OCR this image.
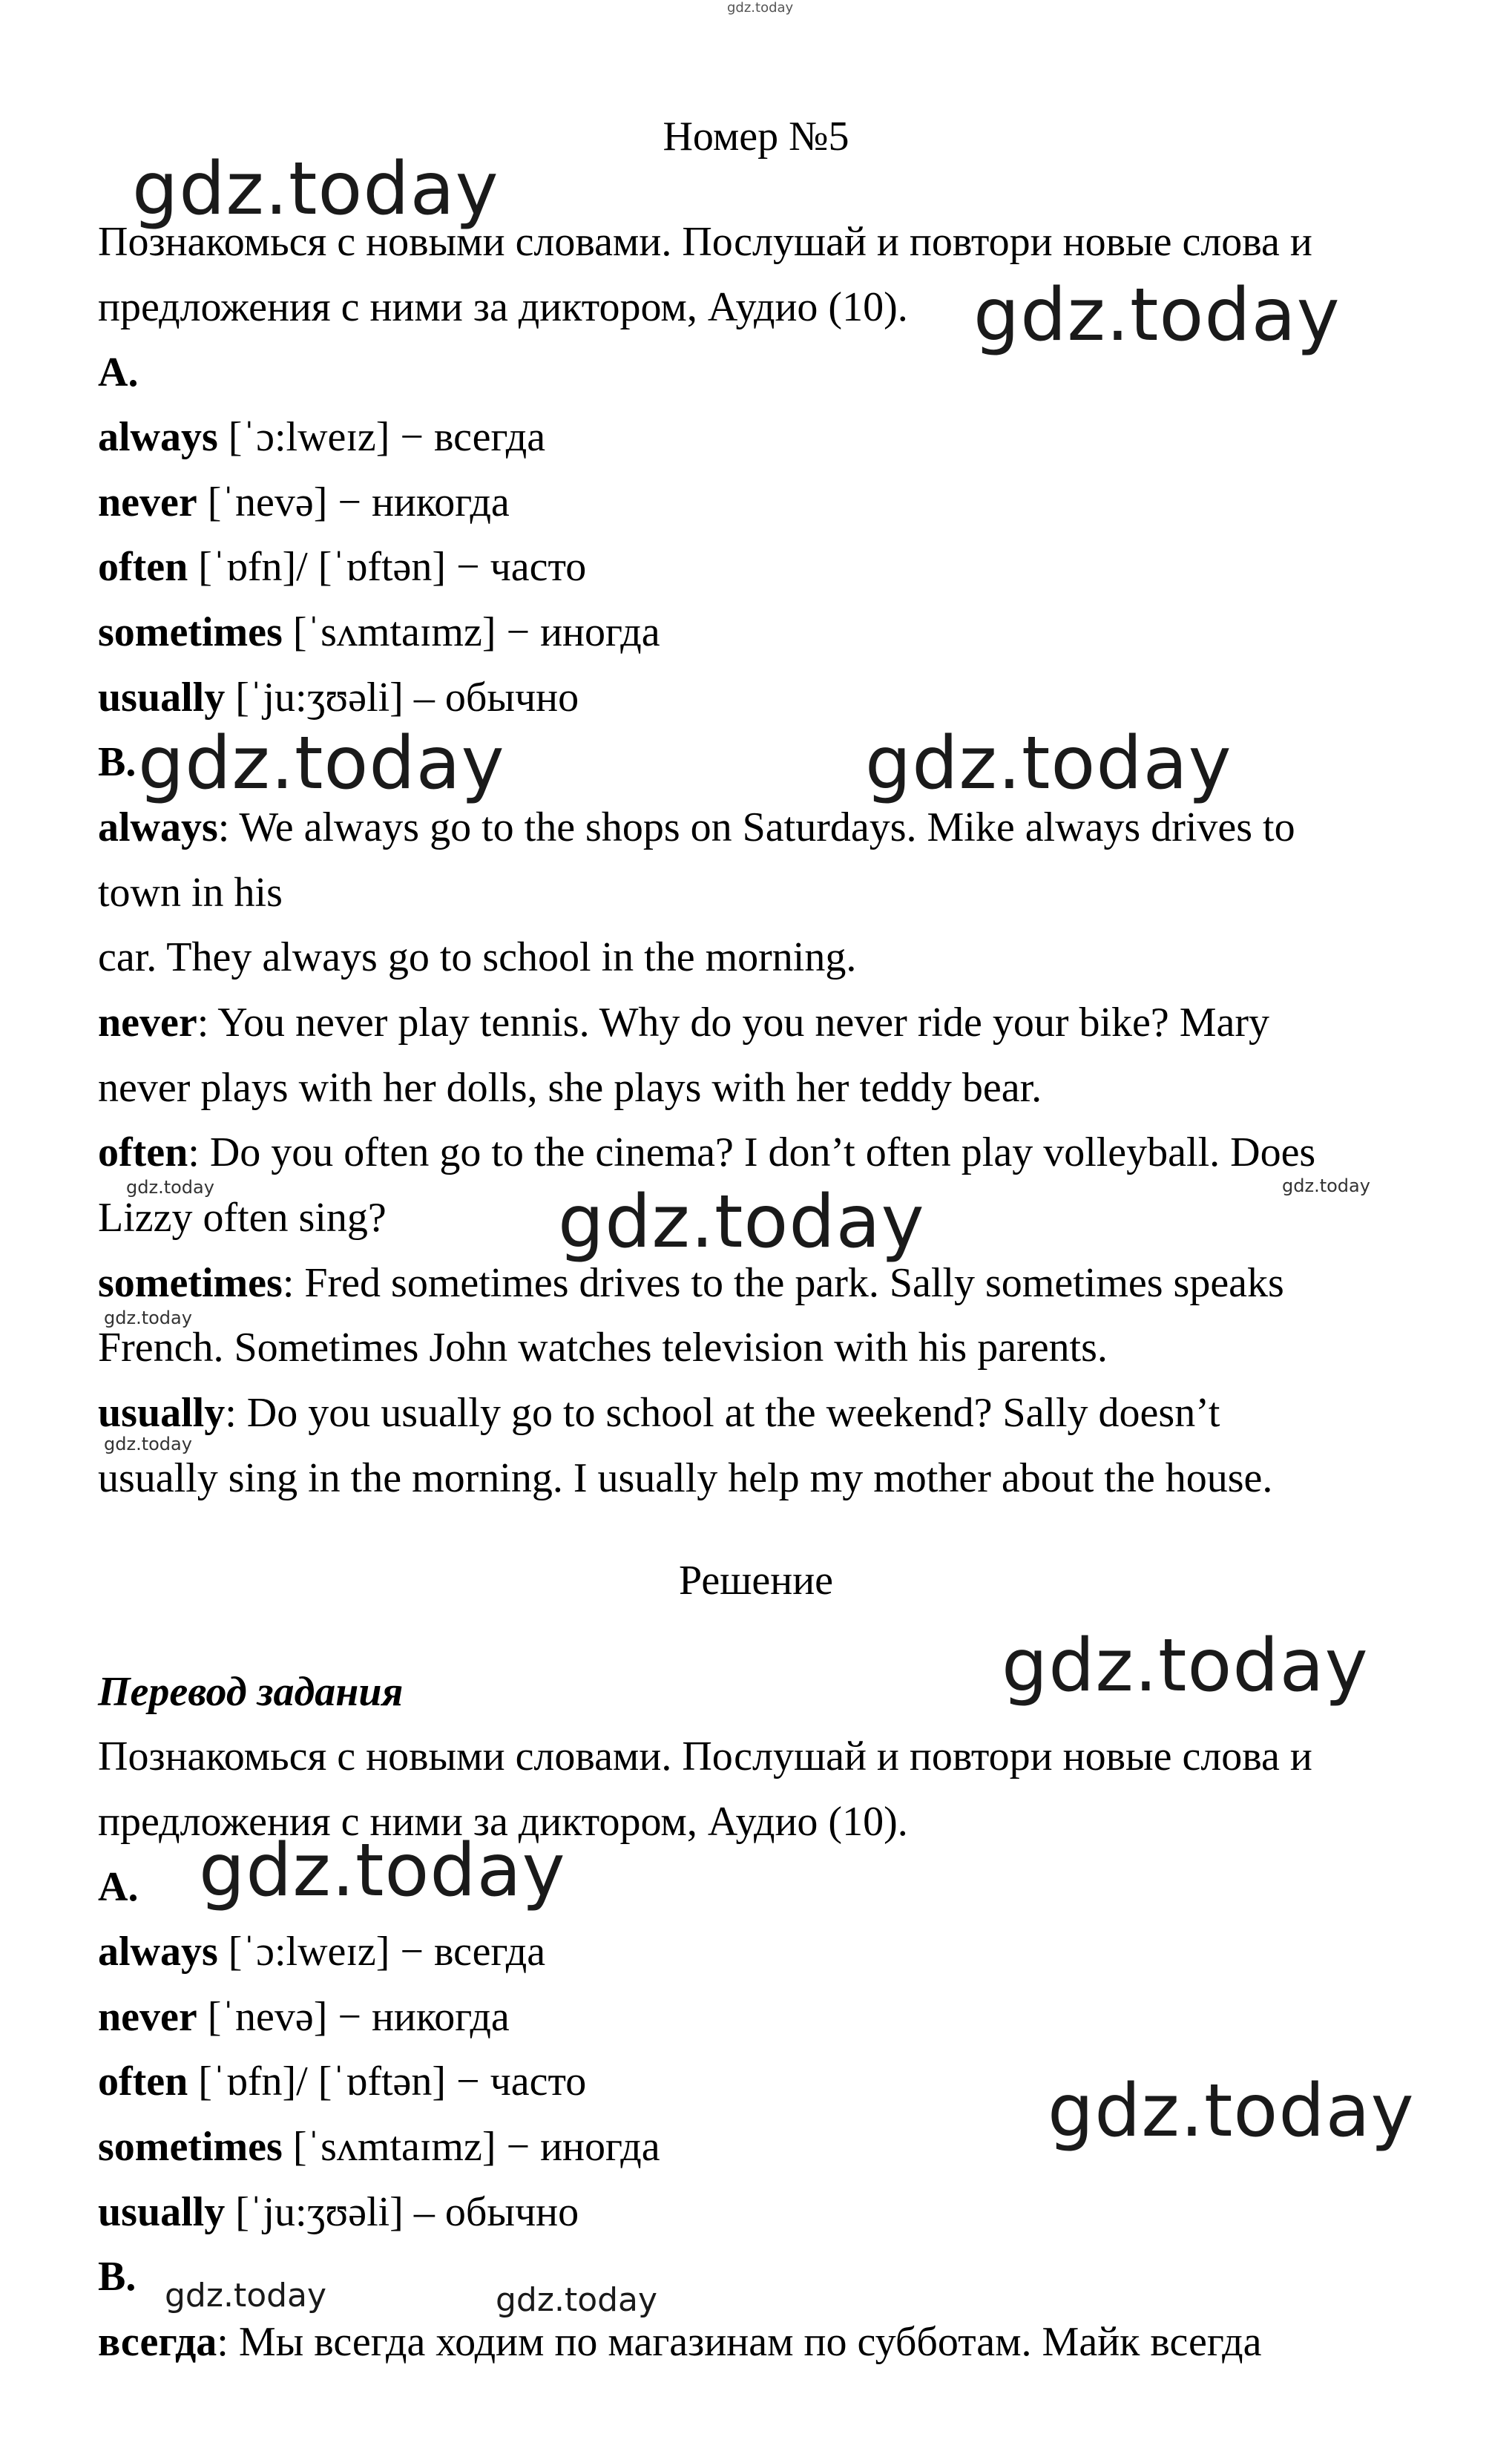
gdz.today

Номер №5

Познакомься с новыми словами. Послушай и повтори новые слова и

предложения с ними за диктором, Аудио (10).

A.

always [ˈɔ:lweɪz] − всегда

never [ˈnevə] − никогда

often [ˈɒfn]/ [ˈɒftən] − часто

sometimes [ˈsʌmtaɪmz] − иногда

usually [ˈju:ʒʊəli] – обычно

B.

always: We always go to the shops on Saturdays. Mike always drives to

town in his

car. They always go to school in the morning.

never: You never play tennis. Why do you never ride your bike? Mary

never plays with her dolls, she plays with her teddy bear.

often: Do you often go to the cinema? I don’t often play volleyball. Does

Lizzy often sing?

sometimes: Fred sometimes drives to the park. Sally sometimes speaks

French. Sometimes John watches television with his parents.

usually: Do you usually go to school at the weekend? Sally doesn’t

usually sing in the morning. I usually help my mother about the house.

Решение

Перевод задания

Познакомься с новыми словами. Послушай и повтори новые слова и

предложения с ними за диктором, Аудио (10).

A.

always [ˈɔ:lweɪz] − всегда

never [ˈnevə] − никогда

often [ˈɒfn]/ [ˈɒftən] − часто

sometimes [ˈsʌmtaɪmz] − иногда

usually [ˈju:ʒʊəli] – обычно

B.

всегда: Мы всегда ходим по магазинам по субботам. Майк всегда

gdz.today
gdz.today
gdz.today	gdz.today
gdz.today
gdz.today
gdz.today
gdz.today
gdz.today	gdz.today
gdz.today
gdz.today
gdz.today	gdz.today
